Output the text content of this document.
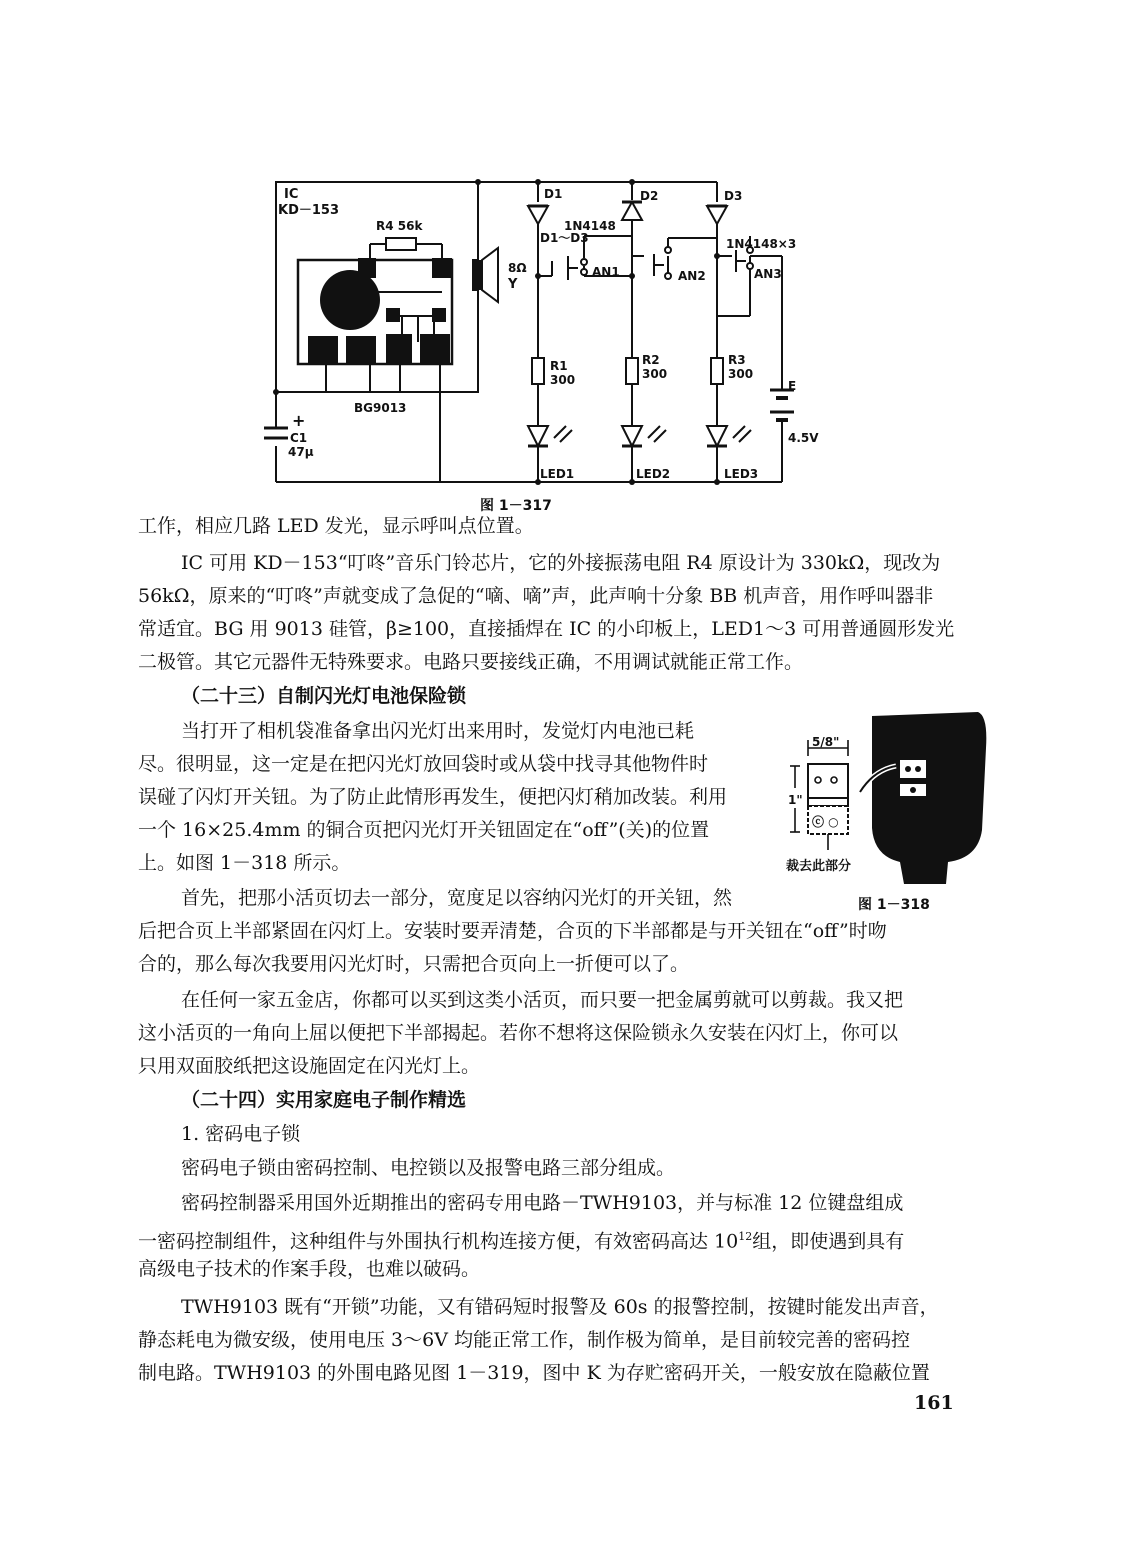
IC
KD－153
R4 56k
8Ω
Y
BG9013
+
C1
47μ
D1	D2	D3
1N4148
D1～D3	1N4148×3
AN1	AN2	AN3
R1
300
R2
300
R3
300
LED1	LED2	LED3
E
4.5V
图 1－317

工作，相应几路 LED 发光，显示呼叫点位置。

IC 可用 KD－153“叮咚”音乐门铃芯片，它的外接振荡电阻 R4 原设计为 330kΩ，现改为

56kΩ，原来的“叮咚”声就变成了急促的“嘀、嘀”声，此声响十分象 BB 机声音，用作呼叫器非

常适宜。BG 用 9013 硅管，β≥100，直接插焊在 IC 的小印板上，LED1～3 可用普通圆形发光

二极管。其它元器件无特殊要求。电路只要接线正确，不用调试就能正常工作。

（二十三）自制闪光灯电池保险锁

当打开了相机袋准备拿出闪光灯出来用时，发觉灯内电池已耗

尽。很明显，这一定是在把闪光灯放回袋时或从袋中找寻其他物件时

误碰了闪灯开关钮。为了防止此情形再发生，便把闪灯稍加改装。利用

一个 16×25.4mm 的铜合页把闪光灯开关钮固定在“off”(关)的位置

上。如图 1－318 所示。

首先，把那小活页切去一部分，宽度足以容纳闪光灯的开关钮，然

后把合页上半部紧固在闪灯上。安装时要弄清楚，合页的下半部都是与开关钮在“off”时吻

合的，那么每次我要用闪光灯时，只需把合页向上一折便可以了。

在任何一家五金店，你都可以买到这类小活页，而只要一把金属剪就可以剪裁。我又把

这小活页的一角向上屈以便把下半部揭起。若你不想将这保险锁永久安装在闪灯上，你可以

只用双面胶纸把这设施固定在闪光灯上。

（二十四）实用家庭电子制作精选

1. 密码电子锁

密码电子锁由密码控制、电控锁以及报警电路三部分组成。

密码控制器采用国外近期推出的密码专用电路－TWH9103，并与标准 12 位键盘组成

一密码控制组件，这种组件与外围执行机构连接方便，有效密码高达 $10^{12}$组，即使遇到具有

高级电子技术的作案手段，也难以破码。

TWH9103 既有“开锁”功能，又有错码短时报警及 60s 的报警控制，按键时能发出声音，

静态耗电为微安级，使用电压 3～6V 均能正常工作，制作极为简单，是目前较完善的密码控

制电路。TWH9103 的外围电路见图 1－319，图中 K 为存贮密码开关，一般安放在隐蔽位置

ⓒ ○
5/8"
1"
裁去此部分
图 1－318
161
